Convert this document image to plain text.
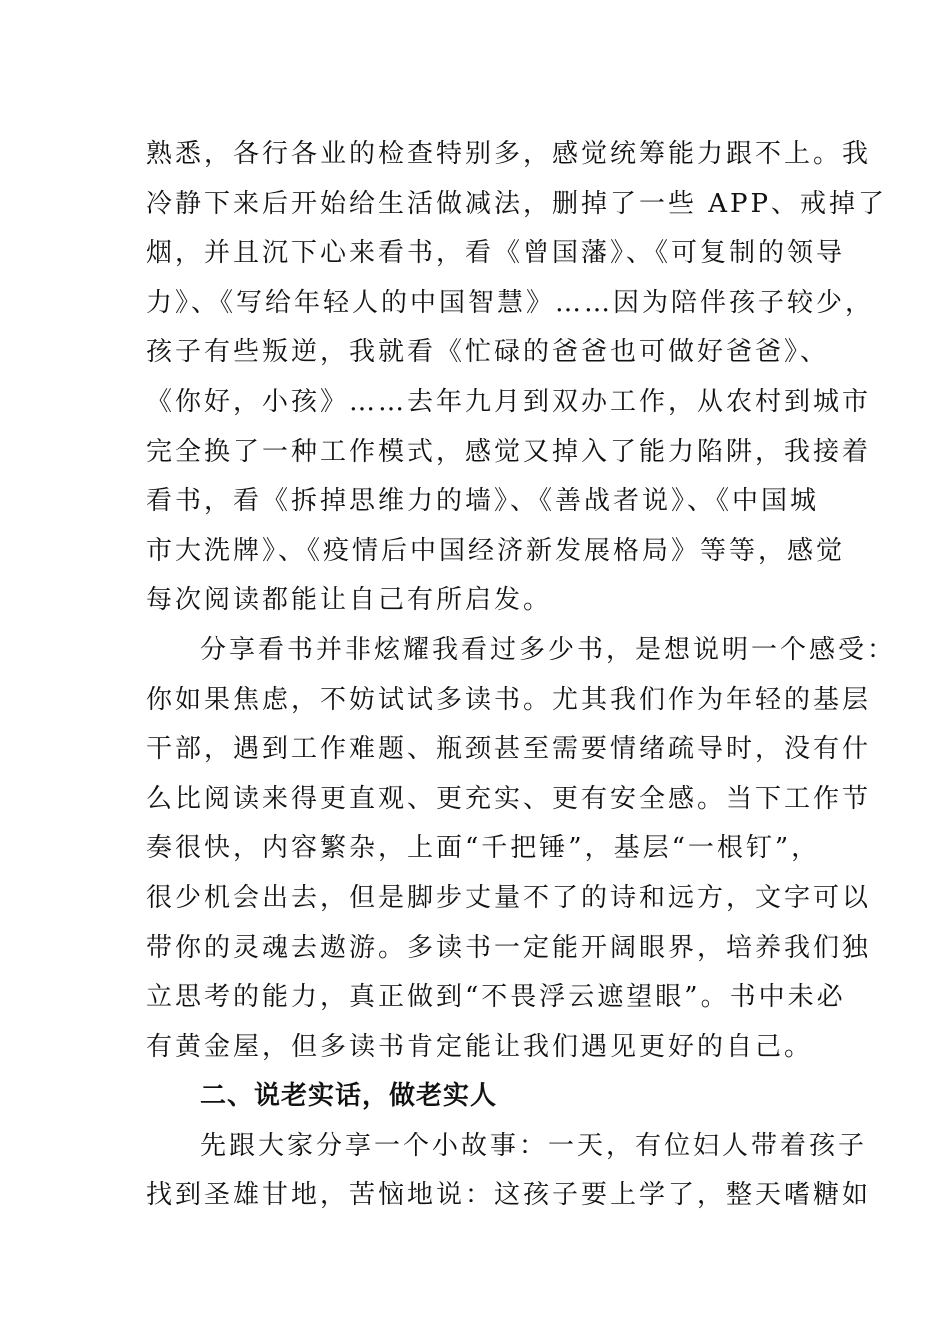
熟悉，各行各业的检查特别多，感觉统筹能力跟不上。我
冷静下来后开始给生活做减法，删掉了一些 APP、戒掉了
烟，并且沉下心来看书，看《曾国藩》、《可复制的领导
力》、《写给年轻人的中国智慧》……因为陪伴孩子较少，
孩子有些叛逆，我就看《忙碌的爸爸也可做好爸爸》、
《你好，小孩》……去年九月到双办工作，从农村到城市
完全换了一种工作模式，感觉又掉入了能力陷阱，我接着
看书，看《拆掉思维力的墙》、《善战者说》、《中国城
市大洗牌》、《疫情后中国经济新发展格局》等等，感觉
每次阅读都能让自己有所启发。
分享看书并非炫耀我看过多少书，是想说明一个感受：
你如果焦虑，不妨试试多读书。尤其我们作为年轻的基层
干部，遇到工作难题、瓶颈甚至需要情绪疏导时，没有什
么比阅读来得更直观、更充实、更有安全感。当下工作节
奏很快，内容繁杂，上面“千把锤”，基层“一根钉”，
很少机会出去，但是脚步丈量不了的诗和远方，文字可以
带你的灵魂去遨游。多读书一定能开阔眼界，培养我们独
立思考的能力，真正做到“不畏浮云遮望眼”。书中未必
有黄金屋，但多读书肯定能让我们遇见更好的自己。
二、说老实话，做老实人
先跟大家分享一个小故事：一天，有位妇人带着孩子
找到圣雄甘地，苦恼地说：这孩子要上学了，整天嗜糖如
